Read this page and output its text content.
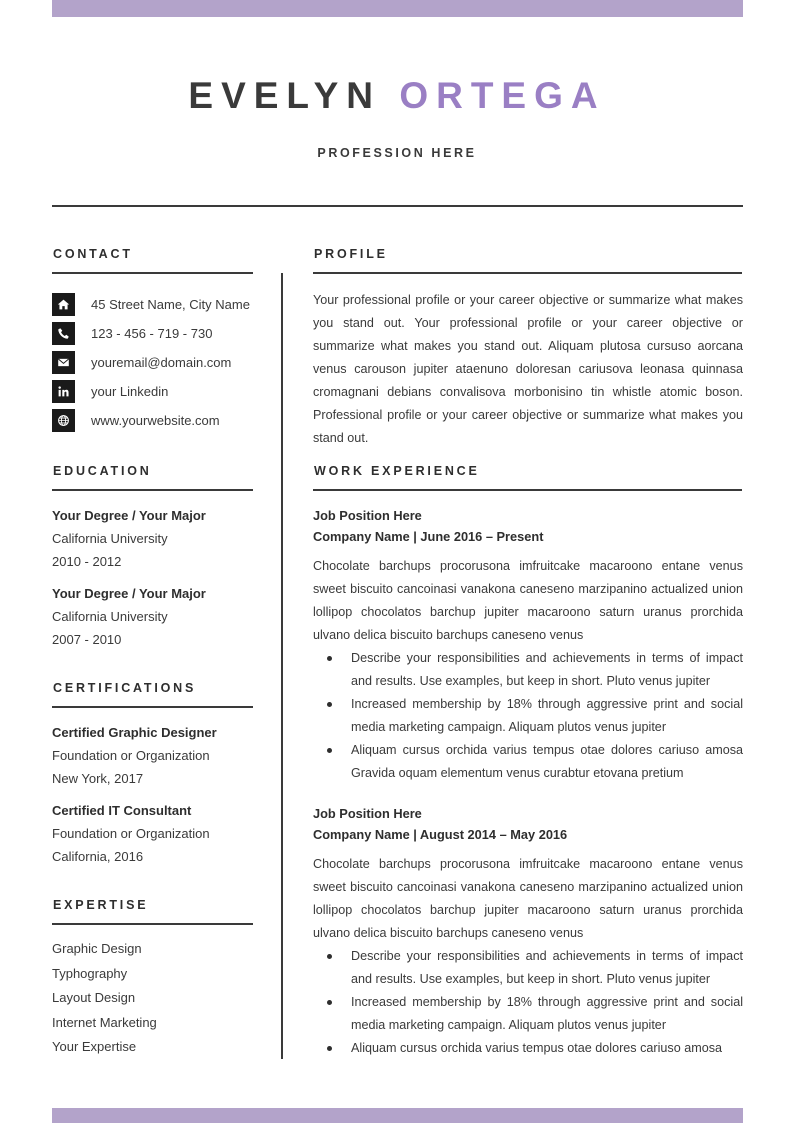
EVELYN ORTEGA
PROFESSION HERE
CONTACT
45 Street Name, City Name
123 - 456 - 719 - 730
youremail@domain.com
your Linkedin
www.yourwebsite.com
EDUCATION
Your Degree / Your Major
California University
2010 - 2012
Your Degree / Your Major
California University
2007 - 2010
CERTIFICATIONS
Certified Graphic Designer
Foundation or Organization
New York, 2017
Certified IT Consultant
Foundation or Organization
California, 2016
EXPERTISE
Graphic Design
Typhography
Layout Design
Internet Marketing
Your Expertise
PROFILE

Your professional profile or your career objective or summarize what makes you stand out. Your professional profile or your career objective or summarize what makes you stand out. Aliquam plutosa cursuso aorcana venus carouson jupiter ataenuno doloresan cariusova leonasa quinnasa cromagnani debians convalisova morbonisino tin whistle atomic boson. Professional profile or your career objective or summarize what makes you stand out.

WORK EXPERIENCE
Job Position Here
Company Name | June 2016 – Present

Chocolate barchups procorusona imfruitcake macaroono entane venus sweet biscuito cancoinasi vanakona caneseno marzipanino actualized union lollipop chocolatos barchup jupiter macaroono saturn uranus prorchida ulvano delica biscuito barchups caneseno venus

Describe your responsibilities and achievements in terms of impact and results. Use examples, but keep in short. Pluto venus jupiter
Increased membership by 18% through aggressive print and social media marketing campaign. Aliquam plutos venus jupiter
Aliquam cursus orchida varius tempus otae dolores cariuso amosa Gravida oquam elementum venus curabtur etovana pretium
Job Position Here
Company Name | August 2014 – May 2016

Chocolate barchups procorusona imfruitcake macaroono entane venus sweet biscuito cancoinasi vanakona caneseno marzipanino actualized union lollipop chocolatos barchup jupiter macaroono saturn uranus prorchida ulvano delica biscuito barchups caneseno venus

Describe your responsibilities and achievements in terms of impact and results. Use examples, but keep in short. Pluto venus jupiter
Increased membership by 18% through aggressive print and social media marketing campaign. Aliquam plutos venus jupiter
Aliquam cursus orchida varius tempus otae dolores cariuso amosa
